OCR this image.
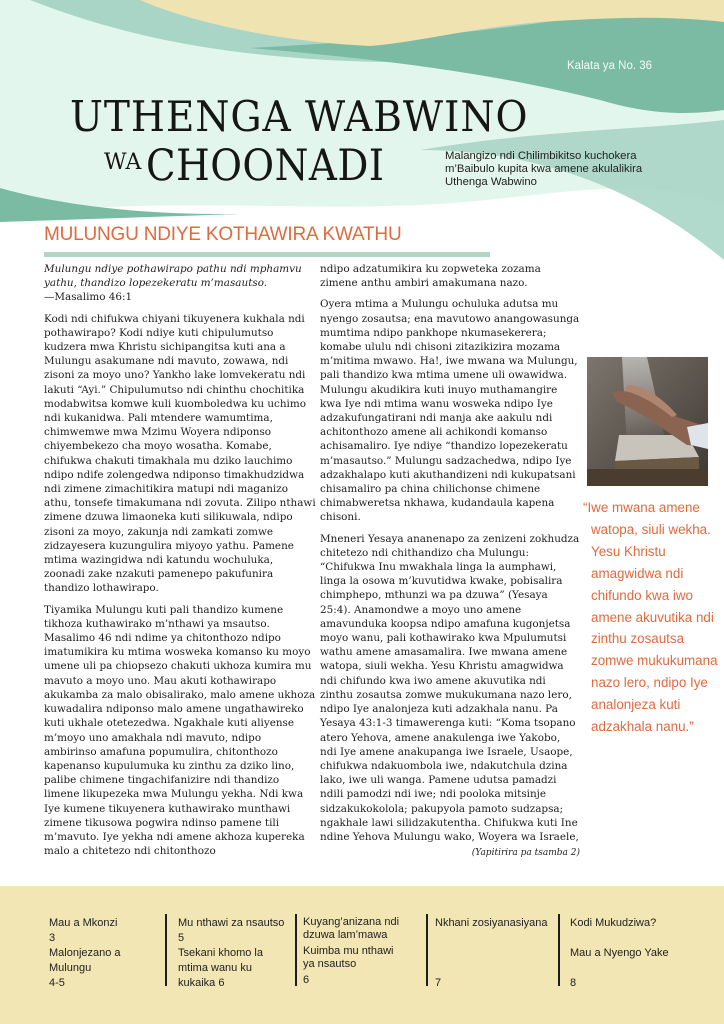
Kalata ya No. 36
UTHENGA WABWINO
WA CHOONADI	Malangizo ndi Chilimbikitso kuchokera m’Baibulo kupita kwa amene akulalikira Uthenga Wabwino
MULUNGU NDIYE KOTHAWIRA KWATHU

Mulungu ndiye pothawirapo pathu ndi mphamvu yathu, thandizo lopezekeratu m’masautso.
—Masalimo 46:1

Kodi ndi chifukwa chiyani tikuyenera kukhala ndi pothawirapo? Kodi ndiye kuti chipulumutso kudzera mwa Khristu sichipangitsa kuti ana a Mulungu asakumane ndi mavuto, zowawa, ndi zisoni za moyo uno? Yankho lake lomvekeratu ndi lakuti “Ayi.” Chipulumutso ndi chinthu chochitika modabwitsa komwe kuli kuomboledwa ku uchimo ndi kukanidwa. Pali mtendere wamumtima, chimwemwe mwa Mzimu Woyera ndiponso chiyembekezo cha moyo wosatha. Komabe, chifukwa chakuti timakhala mu dziko lauchimo ndipo ndife zolengedwa ndiponso timakhudzidwa ndi zimene zimachitikira matupi ndi maganizo athu, tonsefe timakumana ndi zovuta. Zilipo nthawi zimene dzuwa limaoneka kuti silikuwala, ndipo zisoni za moyo, zakunja ndi zamkati zomwe zidzayesera kuzungulira miyoyo yathu. Pamene mtima wazingidwa ndi katundu wochuluka, zoonadi zake nzakuti pamenepo pakufunira thandizo lothawirapo.

Tiyamika Mulungu kuti pali thandizo kumene tikhoza kuthawirako m’nthawi ya msautso. Masalimo 46 ndi ndime ya chitonthozo ndipo imatumikira ku mtima wosweka komanso ku moyo umene uli pa chiopsezo chakuti ukhoza kumira mu mavuto a moyo uno. Mau akuti kothawirapo akukamba za malo obisalirako, malo amene ukhoza kuwadalira ndiponso malo amene ungathawireko kuti ukhale otetezedwa. Ngakhale kuti aliyense m’moyo uno amakhala ndi mavuto, ndipo ambirinso amafuna popumulira, chitonthozo kapenanso kupulumuka ku zinthu za dziko lino, palibe chimene tingachifanizire ndi thandizo limene likupezeka mwa Mulungu yekha. Ndi kwa Iye kumene tikuyenera kuthawirako munthawi zimene tikusowa pogwira ndinso pamene tili m’mavuto. Iye yekha ndi amene akhoza kupereka malo a chitetezo ndi chitonthozo

ndipo adzatumikira ku zopweteka zozama zimene anthu ambiri amakumana nazo.

Oyera mtima a Mulungu ochuluka adutsa mu nyengo zosautsa; ena mavutowo anangowasunga mumtima ndipo pankhope nkumasekerera; komabe ululu ndi chisoni zitazikizira mozama m’mitima mwawo. Ha!, iwe mwana wa Mulungu, pali thandizo kwa mtima umene uli owawidwa. Mulungu akudikira kuti inuyo muthamangire kwa Iye ndi mtima wanu wosweka ndipo Iye adzakufungatirani ndi manja ake aakulu ndi achitonthozo amene ali achikondi komanso achisamaliro. Iye ndiye “thandizo lopezekeratu m’masautso.” Mulungu sadzachedwa, ndipo Iye adzakhalapo kuti akuthandizeni ndi kukupatsani chisamaliro pa china chilichonse chimene chimabweretsa nkhawa, kudandaula kapena chisoni.

Mneneri Yesaya ananenapo za zenizeni zokhudza chitetezo ndi chithandizo cha Mulungu: “Chifukwa Inu mwakhala linga la aumphawi, linga la osowa m’kuvutidwa kwake, pobisalira chimphepo, mthunzi wa pa dzuwa” (Yesaya 25:4). Anamondwe a moyo uno amene amavunduka koopsa ndipo amafuna kugonjetsa moyo wanu, pali kothawirako kwa Mpulumutsi wathu amene amasamalira. Iwe mwana amene watopa, siuli wekha. Yesu Khristu amagwidwa ndi chifundo kwa iwo amene akuvutika ndi zinthu zosautsa zomwe mukukumana nazo lero, ndipo Iye analonjeza kuti adzakhala nanu. Pa Yesaya 43:1-3 timawerenga kuti: “Koma tsopano atero Yehova, amene anakulenga iwe Yakobo, ndi Iye amene anakupanga iwe Israele, Usaope, chifukwa ndakuombola iwe, ndakutchula dzina lako, iwe uli wanga. Pamene udutsa pamadzi ndili pamodzi ndi iwe; ndi pooloka mitsinje sidzakukokolola; pakupyola pamoto sudzapsa; ngakhale lawi silidzakutentha. Chifukwa kuti Ine ndine Yehova Mulungu wako, Woyera wa Israele,

(Yapitirira pa tsamba 2)
“Iwe mwana amene watopa, siuli wekha. Yesu Khristu amagwidwa ndi chifundo kwa iwo amene akuvutika ndi zinthu zosautsa zomwe mukukumana nazo lero, ndipo Iye analonjeza kuti adzakhala nanu.”
Mau a Mkonzi
3
Malonjezano a
Mulungu
4-5
Mu nthawi za nsautso
5
Tsekani khomo la
mtima wanu ku
kukaika 6
Kuyang’anizana ndi
dzuwa lam’mawa
Kuimba mu nthawi
ya nsautso
6
Nkhani zosiyanasiyana
7
Kodi Mukudziwa?
Mau a Nyengo Yake
8
